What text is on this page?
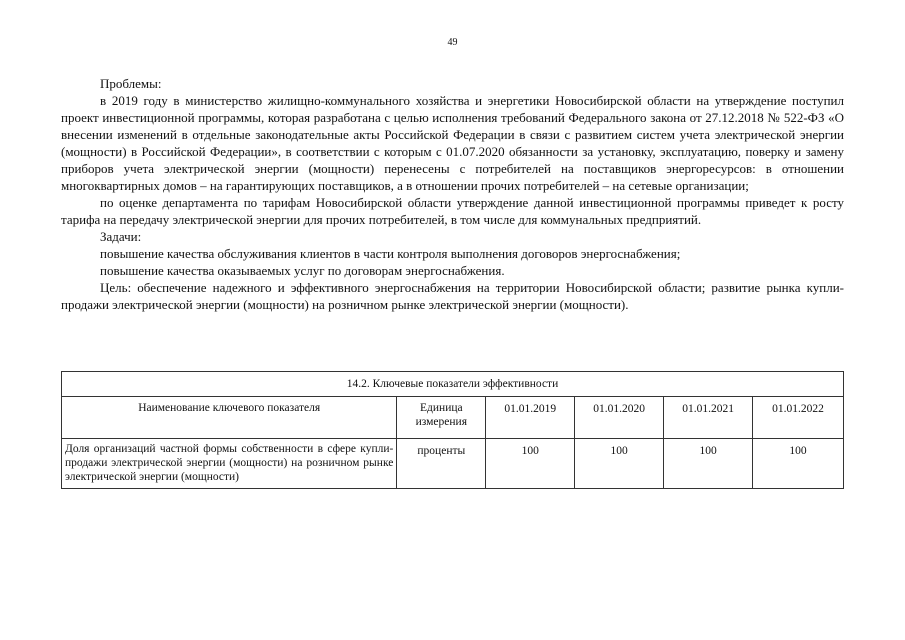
49

Проблемы:

в 2019 году в министерство жилищно-коммунального хозяйства и энергетики Новосибирской области на утверждение поступил проект инвестиционной программы, которая разработана с целью исполнения требований Федерального закона от 27.12.2018 № 522-ФЗ «О внесении изменений в отдельные законодательные акты Российской Федерации в связи с развитием систем учета электрической энергии (мощности) в Российской Федерации», в соответствии с которым с 01.07.2020 обязанности за установку, эксплуатацию, поверку и замену приборов учета электрической энергии (мощности) перенесены с потребителей на поставщиков энергоресурсов: в отношении многоквартирных домов – на гарантирующих поставщиков, а в отношении прочих потребителей – на сетевые организации;

по оценке департамента по тарифам Новосибирской области утверждение данной инвестиционной программы приведет к росту тарифа на передачу электрической энергии для прочих потребителей, в том числе для коммунальных предприятий.

Задачи:

повышение качества обслуживания клиентов в части контроля выполнения договоров энергоснабжения;

повышение качества оказываемых услуг по договорам энергоснабжения.

Цель: обеспечение надежного и эффективного энергоснабжения на территории Новосибирской области; развитие рынка купли-продажи электрической энергии (мощности) на розничном рынке электрической энергии (мощности).

14.2. Ключевые показатели эффективности					
Наименование ключевого показателя	Единица измерения	01.01.2019	01.01.2020	01.01.2021	01.01.2022
Доля организаций частной формы собственности в сфере купли-продажи электрической энергии (мощности) на розничном рынке электрической энергии (мощности)	проценты	100	100	100	100
